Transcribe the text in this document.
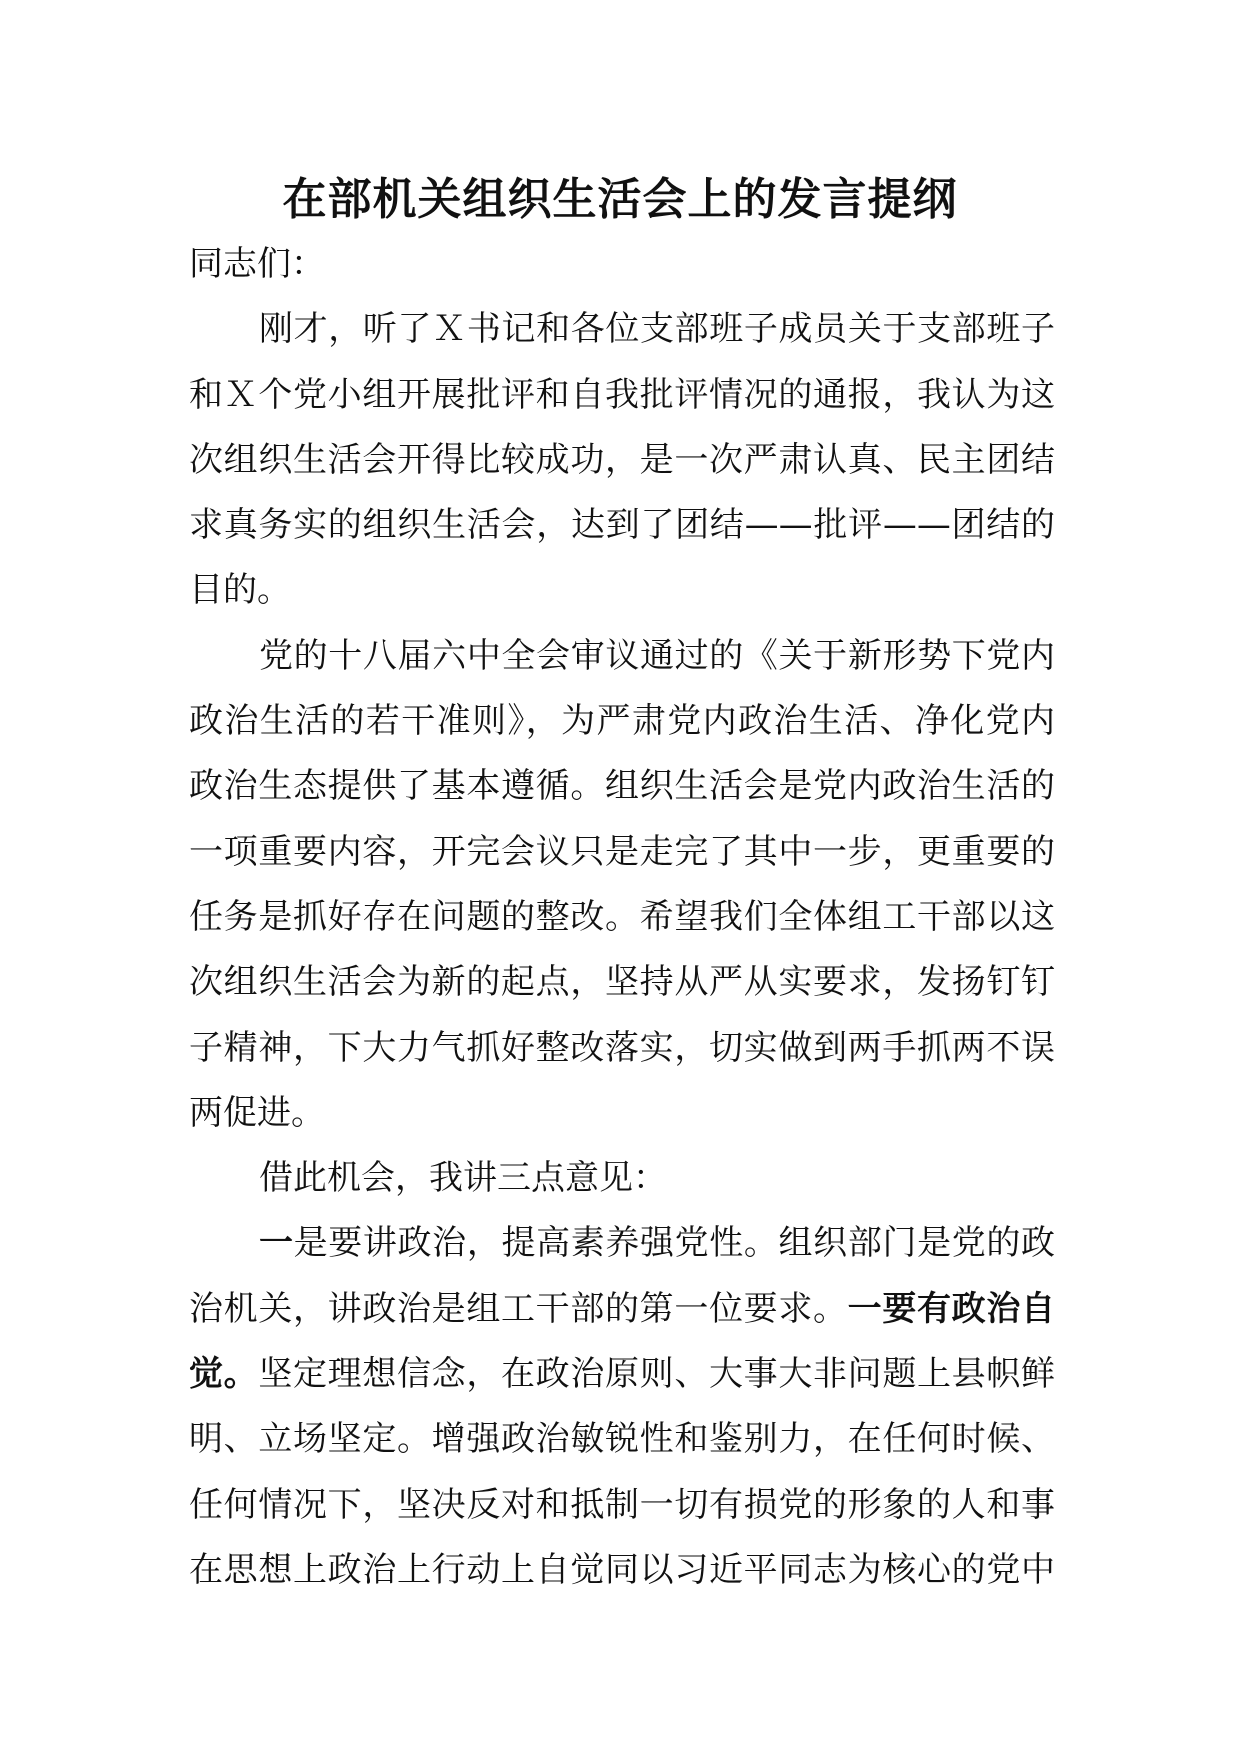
在部机关组织生活会上的发言提纲
同志们：
刚才，听了Ｘ书记和各位支部班子成员关于支部班子
和Ｘ个党小组开展批评和自我批评情况的通报，我认为这
次组织生活会开得比较成功，是一次严肃认真、民主团结
求真务实的组织生活会，达到了团结——批评——团结的
目的。
党的十八届六中全会审议通过的《关于新形势下党内
政治生活的若干准则》，为严肃党内政治生活、净化党内
政治生态提供了基本遵循。组织生活会是党内政治生活的
一项重要内容，开完会议只是走完了其中一步，更重要的
任务是抓好存在问题的整改。希望我们全体组工干部以这
次组织生活会为新的起点，坚持从严从实要求，发扬钉钉
子精神，下大力气抓好整改落实，切实做到两手抓两不误
两促进。
借此机会，我讲三点意见：
一是要讲政治，提高素养强党性。组织部门是党的政
治机关，讲政治是组工干部的第一位要求。一要有政治自
觉。坚定理想信念，在政治原则、大事大非问题上县帜鲜
明、立场坚定。增强政治敏锐性和鉴别力，在任何时候、
任何情况下，坚决反对和抵制一切有损党的形象的人和事
在思想上政治上行动上自觉同以习近平同志为核心的党中
